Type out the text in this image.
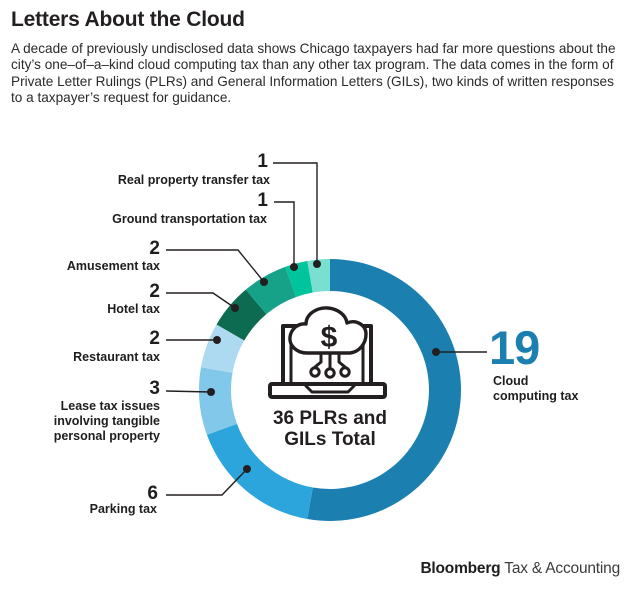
Letters About the Cloud

A decade of previously undisclosed data shows Chicago taxpayers had far more questions about the city’s one–of–a–kind cloud computing tax than any other tax program. The data comes in the form of Private Letter Rulings (PLRs) and General Information Letters (GILs), two kinds of written responses to a taxpayer’s request for guidance.

$
1
1
2
2
2
3
6
Real property transfer tax
Ground transportation tax
Amusement tax
Hotel tax
Restaurant tax
Lease tax issues involving tangible personal property
Parking tax
19
Cloud computing tax
36 PLRs and GILs Total
Bloomberg Tax & Accounting
